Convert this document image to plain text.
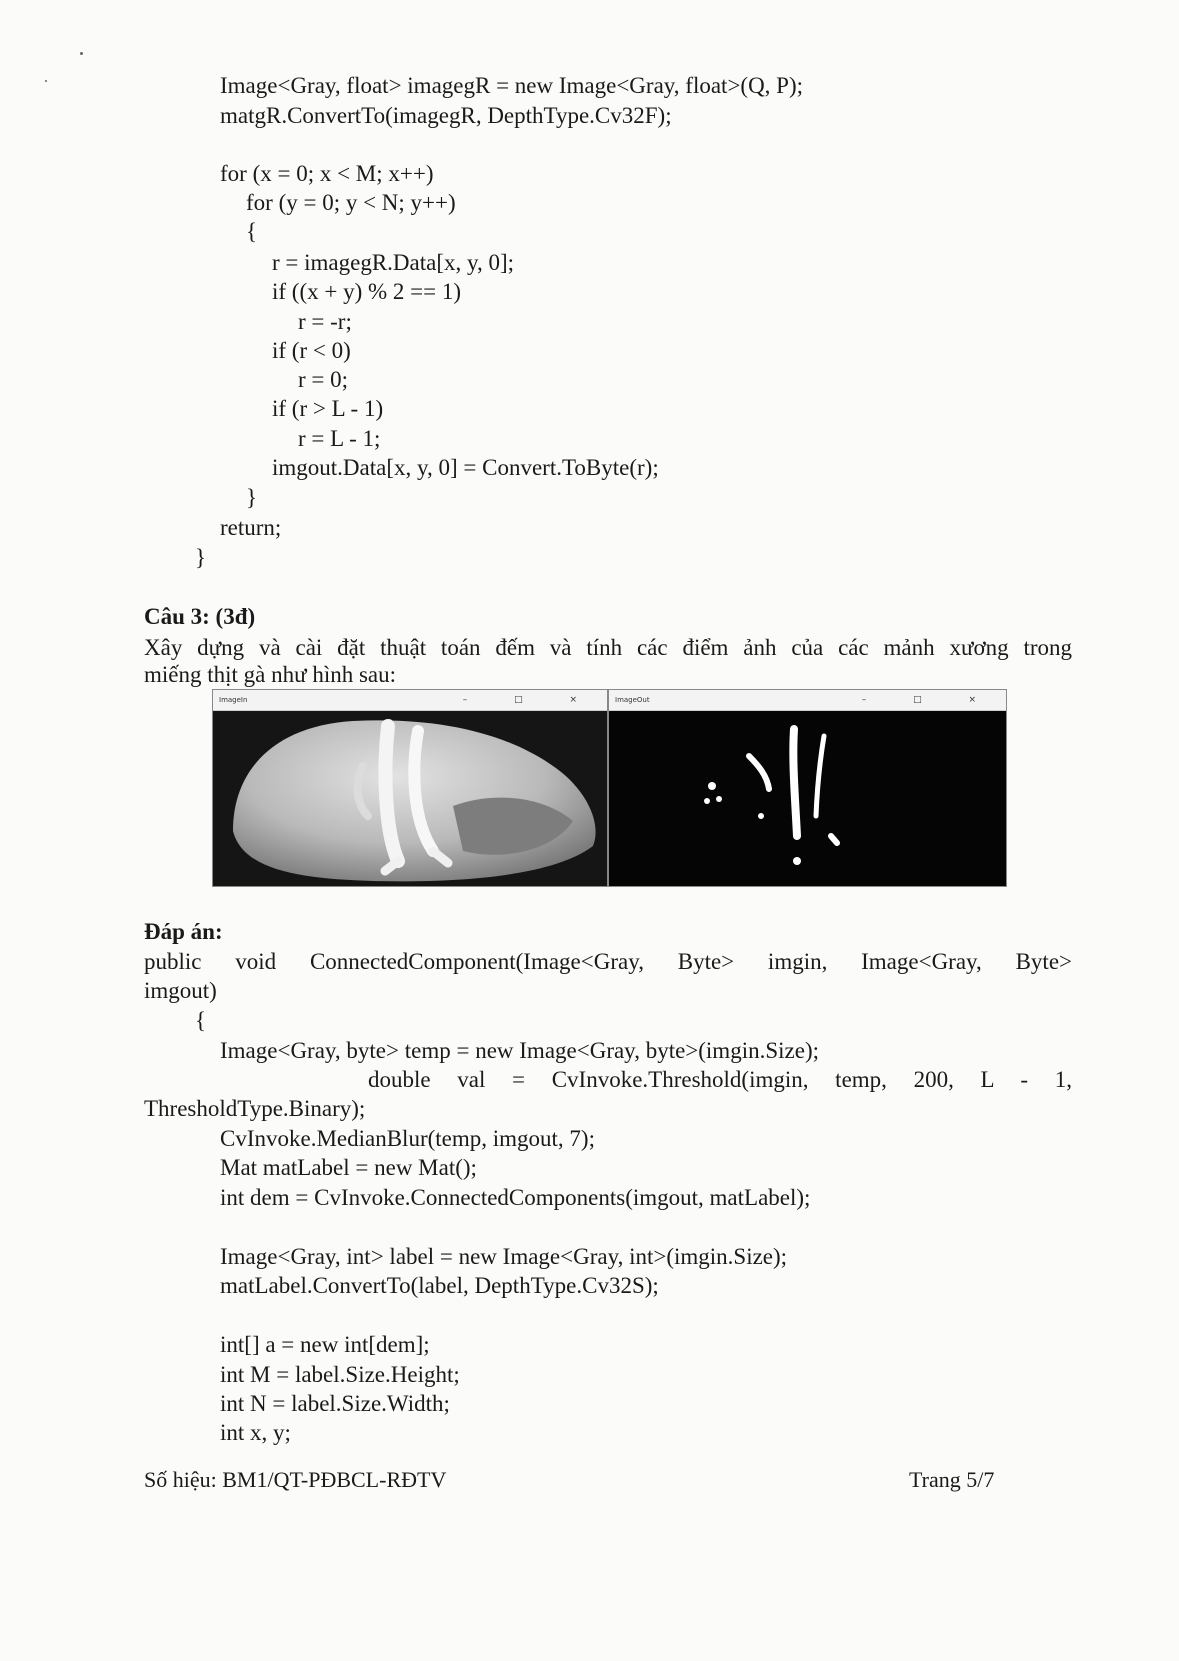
Image<Gray, float> imagegR = new Image<Gray, float>(Q, P);
matgR.ConvertTo(imagegR, DepthType.Cv32F);
for (x = 0; x < M; x++)
for (y = 0; y < N; y++)
{
r = imagegR.Data[x, y, 0];
if ((x + y) % 2 == 1)
r = -r;
if (r < 0)
r = 0;
if (r > L - 1)
r = L - 1;
imgout.Data[x, y, 0] = Convert.ToByte(r);
}
return;
}
Câu 3: (3đ)
Xây dựng và cài đặt thuật toán đếm và tính các điểm ảnh của các mảnh xương trong
miếng thịt gà như hình sau:
ImageIn	– □ ×	ImageOut	– □ ×
Đáp án:
public void ConnectedComponent(Image<Gray, Byte> imgin, Image<Gray, Byte>
imgout)
{
Image<Gray, byte> temp = new Image<Gray, byte>(imgin.Size);
double val = CvInvoke.Threshold(imgin, temp, 200, L - 1,
ThresholdType.Binary);
CvInvoke.MedianBlur(temp, imgout, 7);
Mat matLabel = new Mat();
int dem = CvInvoke.ConnectedComponents(imgout, matLabel);
Image<Gray, int> label = new Image<Gray, int>(imgin.Size);
matLabel.ConvertTo(label, DepthType.Cv32S);
int[] a = new int[dem];
int M = label.Size.Height;
int N = label.Size.Width;
int x, y;
Số hiệu: BM1/QT-PĐBCL-RĐTV	Trang 5/7
